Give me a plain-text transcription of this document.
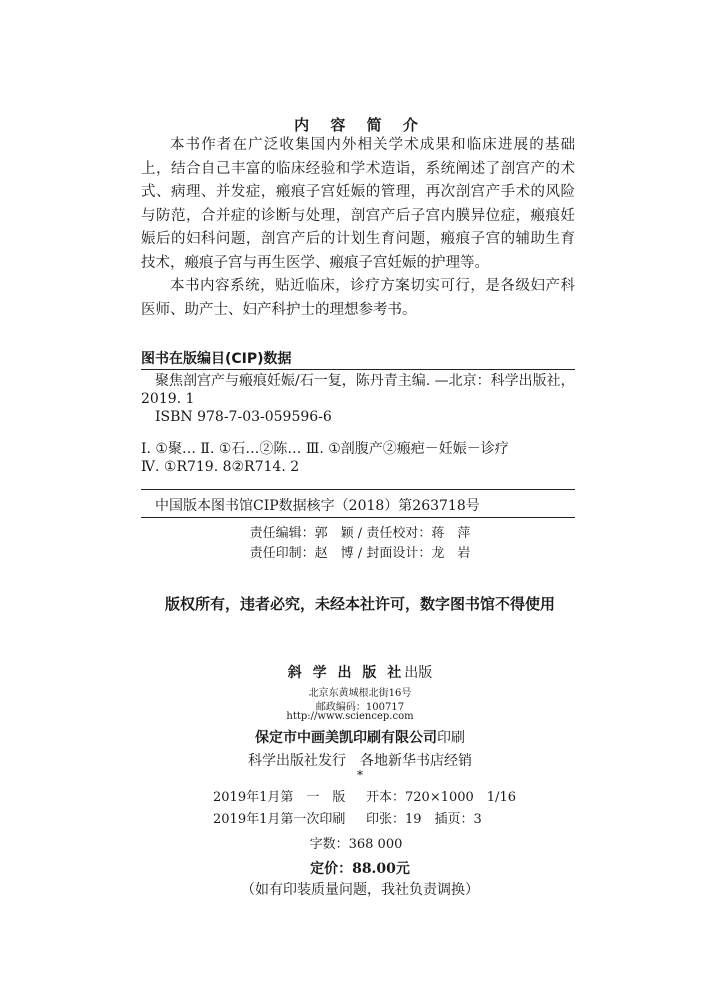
内 容 简 介

本书作者在广泛收集国内外相关学术成果和临床进展的基础上，结合自己丰富的临床经验和学术造诣，系统阐述了剖宫产的术式、病理、并发症，瘢痕子宫妊娠的管理，再次剖宫产手术的风险与防范，合并症的诊断与处理，剖宫产后子宫内膜异位症，瘢痕妊娠后的妇科问题，剖宫产后的计划生育问题，瘢痕子宫的辅助生育技术，瘢痕子宫与再生医学、瘢痕子宫妊娠的护理等。

本书内容系统，贴近临床，诊疗方案切实可行，是各级妇产科医师、助产士、妇产科护士的理想参考书。

图书在版编目(CIP)数据
聚焦剖宫产与瘢痕妊娠/石一复，陈丹青主编. —北京：科学出版社，
2019. 1
ISBN 978-7-03-059596-6
Ⅰ. ①聚… Ⅱ. ①石…②陈… Ⅲ. ①剖腹产②瘢疤－妊娠－诊疗
Ⅳ. ①R719. 8②R714. 2
中国版本图书馆CIP数据核字（2018）第263718号
责任编辑：郭　颖 / 责任校对：蒋　萍
责任印制：赵　博 / 封面设计：龙　岩
版权所有，违者必究，未经本社许可，数字图书馆不得使用
斜 学 出 版 社出版
北京东黄城根北街16号
邮政编码：100717
http://www.sciencep.com
保定市中画美凯印刷有限公司印刷
科学出版社发行　各地新华书店经销
*
2019年1月第　一　版 开本：720×1000　1/16
2019年1月第一次印刷 印张：19　插页：3
字数：368 000
定价：88.00元
（如有印装质量问题，我社负责调换）
